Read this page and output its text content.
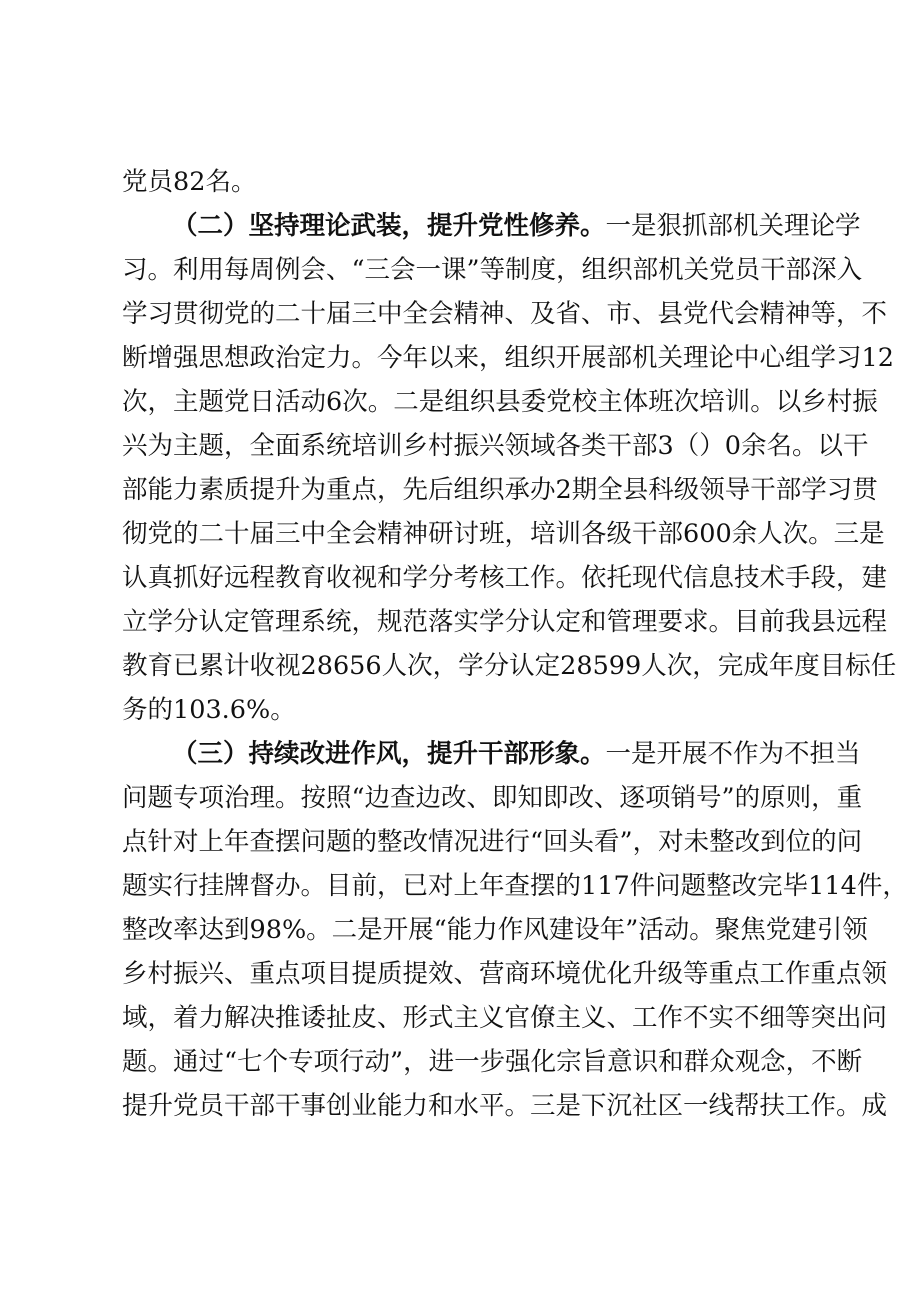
党员82名。
（二）坚持理论武装，提升党性修养。一是狠抓部机关理论学
习。利用每周例会、“三会一课”等制度，组织部机关党员干部深入
学习贯彻党的二十届三中全会精神、及省、市、县党代会精神等，不
断增强思想政治定力。今年以来，组织开展部机关理论中心组学习12
次，主题党日活动6次。二是组织县委党校主体班次培训。以乡村振
兴为主题，全面系统培训乡村振兴领域各类干部3（）0余名。以干
部能力素质提升为重点，先后组织承办2期全县科级领导干部学习贯
彻党的二十届三中全会精神研讨班，培训各级干部600余人次。三是
认真抓好远程教育收视和学分考核工作。依托现代信息技术手段，建
立学分认定管理系统，规范落实学分认定和管理要求。目前我县远程
教育已累计收视28656人次，学分认定28599人次，完成年度目标任
务的103.6%。
（三）持续改进作风，提升干部形象。一是开展不作为不担当
问题专项治理。按照“边查边改、即知即改、逐项销号”的原则，重
点针对上年查摆问题的整改情况进行“回头看”，对未整改到位的问
题实行挂牌督办。目前，已对上年查摆的117件问题整改完毕114件，
整改率达到98%。二是开展“能力作风建设年”活动。聚焦党建引领
乡村振兴、重点项目提质提效、营商环境优化升级等重点工作重点领
域，着力解决推诿扯皮、形式主义官僚主义、工作不实不细等突出问
题。通过“七个专项行动”，进一步强化宗旨意识和群众观念，不断
提升党员干部干事创业能力和水平。三是下沉社区一线帮扶工作。成
